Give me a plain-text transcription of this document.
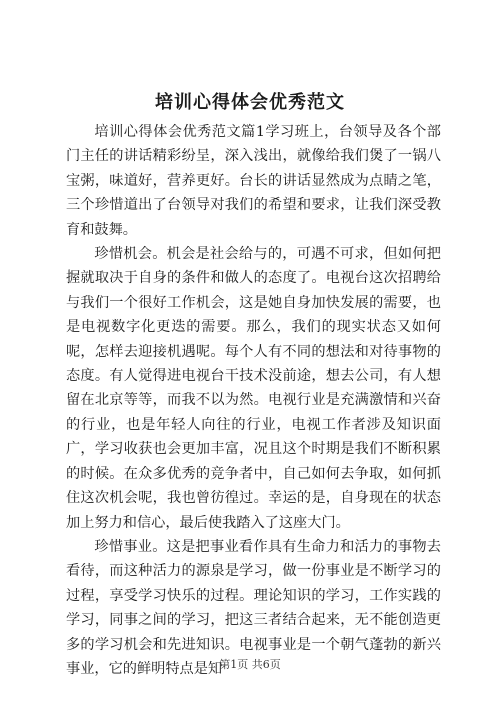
培训心得体会优秀范文

培训心得体会优秀范文篇1学习班上，台领导及各个部门主任的讲话精彩纷呈，深入浅出，就像给我们煲了一锅八宝粥，味道好，营养更好。台长的讲话显然成为点睛之笔，三个珍惜道出了台领导对我们的希望和要求，让我们深受教育和鼓舞。

珍惜机会。机会是社会给与的，可遇不可求，但如何把握就取决于自身的条件和做人的态度了。电视台这次招聘给与我们一个很好工作机会，这是她自身加快发展的需要，也是电视数字化更迭的需要。那么，我们的现实状态又如何呢，怎样去迎接机遇呢。每个人有不同的想法和对待事物的态度。有人觉得进电视台干技术没前途，想去公司，有人想留在北京等等，而我不以为然。电视行业是充满激情和兴奋的行业，也是年轻人向往的行业，电视工作者涉及知识面广，学习收获也会更加丰富，况且这个时期是我们不断积累的时候。在众多优秀的竞争者中，自己如何去争取，如何抓住这次机会呢，我也曾彷徨过。幸运的是，自身现在的状态加上努力和信心，最后使我踏入了这座大门。

珍惜事业。这是把事业看作具有生命力和活力的事物去看待，而这种活力的源泉是学习，做一份事业是不断学习的过程，享受学习快乐的过程。理论知识的学习，工作实践的学习，同事之间的学习，把这三者结合起来，无不能创造更多的学习机会和先进知识。电视事业是一个朝气蓬勃的新兴事业，它的鲜明特点是知

第1页 共6页
